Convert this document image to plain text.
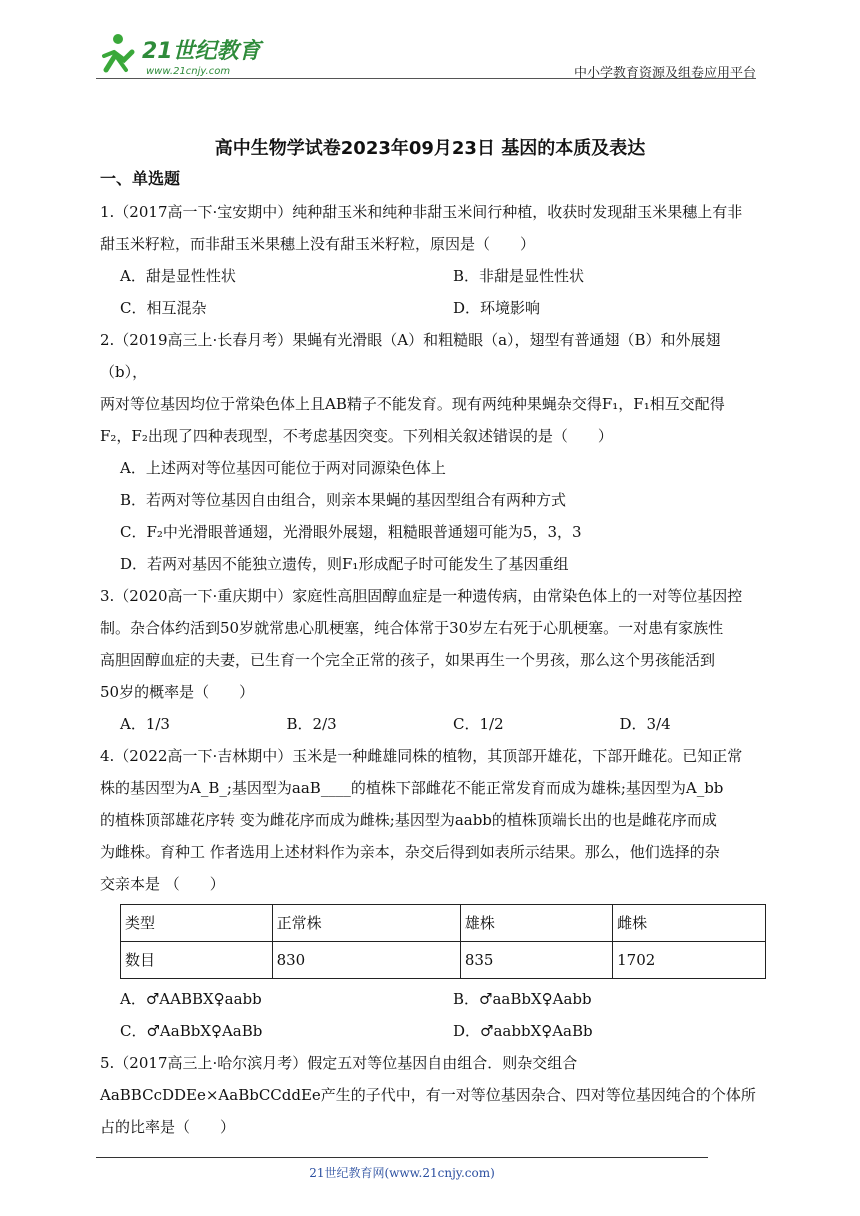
21世纪教育
www.21cnjy.com	中小学教育资源及组卷应用平台
高中生物学试卷2023年09月23日 基因的本质及表达
一、单选题

1.（2017高一下·宝安期中）纯种甜玉米和纯种非甜玉米间行种植，收获时发现甜玉米果穗上有非

甜玉米籽粒，而非甜玉米果穗上没有甜玉米籽粒，原因是（　　）

A．甜是显性性状	B．非甜是显性性状
C．相互混杂	D．环境影响

2.（2019高三上·长春月考）果蝇有光滑眼（A）和粗糙眼（a），翅型有普通翅（B）和外展翅（b），

两对等位基因均位于常染色体上且AB精子不能发育。现有两纯种果蝇杂交得F₁，F₁相互交配得

F₂，F₂出现了四种表现型，不考虑基因突变。下列相关叙述错误的是（　　）

A．上述两对等位基因可能位于两对同源染色体上
B．若两对等位基因自由组合，则亲本果蝇的基因型组合有两种方式
C．F₂中光滑眼普通翅，光滑眼外展翅，粗糙眼普通翅可能为5，3，3
D．若两对基因不能独立遗传，则F₁形成配子时可能发生了基因重组

3.（2020高一下·重庆期中）家庭性高胆固醇血症是一种遗传病，由常染色体上的一对等位基因控

制。杂合体约活到50岁就常患心肌梗塞，纯合体常于30岁左右死于心肌梗塞。一对患有家族性

高胆固醇血症的夫妻，已生育一个完全正常的孩子，如果再生一个男孩，那么这个男孩能活到

50岁的概率是（　　）

A．1/3	B．2/3	C．1/2	D．3/4

4.（2022高一下·吉林期中）玉米是一种雌雄同株的植物，其顶部开雄花，下部开雌花。已知正常

株的基因型为A_B_;基因型为aaB____的植株下部雌花不能正常发育而成为雄株;基因型为A_bb

的植株顶部雄花序转 变为雌花序而成为雌株;基因型为aabb的植株顶端长出的也是雌花序而成

为雌株。育种工 作者选用上述材料作为亲本，杂交后得到如表所示结果。那么，他们选择的杂

交亲本是 （　　）

类型	正常株	雄株	雌株
数目	830	835	1702
A．♂AABBX♀aabb	B．♂aaBbX♀Aabb
C．♂AaBbX♀AaBb	D．♂aabbX♀AaBb

5.（2017高三上·哈尔滨月考）假定五对等位基因自由组合．则杂交组合

AaBBCcDDEe×AaBbCCddEe产生的子代中，有一对等位基因杂合、四对等位基因纯合的个体所

占的比率是（　　）

21世纪教育网(www.21cnjy.com)
